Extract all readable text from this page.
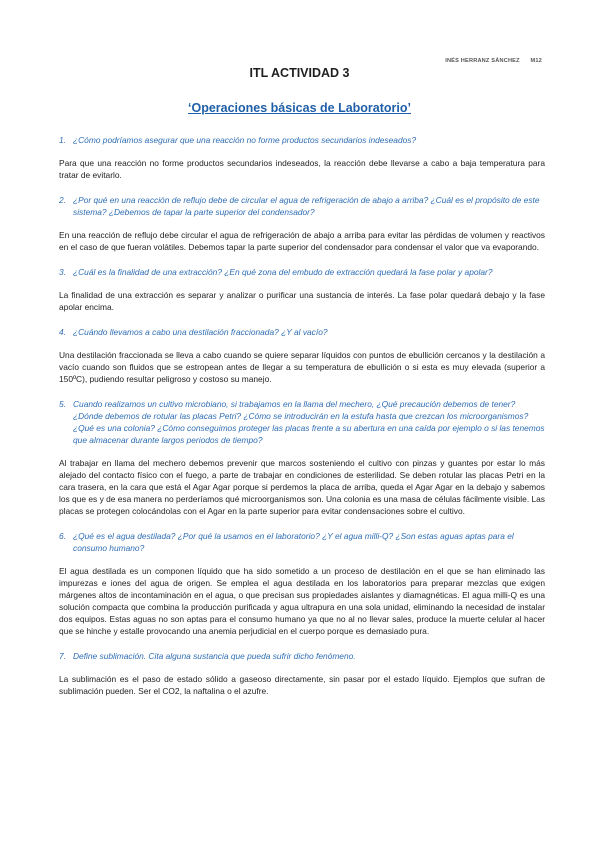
INÉS HERRANZ SÁNCHEZ M12
ITL ACTIVIDAD 3
‘Operaciones básicas de Laboratorio’
1. ¿Cómo podríamos asegurar que una reacción no forme productos secundarios indeseados?

Para que una reacción no forme productos secundarios indeseados, la reacción debe llevarse a cabo a baja temperatura para tratar de evitarlo.

2. ¿Por qué en una reacción de reflujo debe de circular el agua de refrigeración de abajo a arriba? ¿Cuál es el propósito de este sistema? ¿Debemos de tapar la parte superior del condensador?

En una reacción de reflujo debe circular el agua de refrigeración de abajo a arriba para evitar las pérdidas de volumen y reactivos en el caso de que fueran volátiles. Debemos tapar la parte superior del condensador para condensar el valor que va evaporando.

3. ¿Cuál es la finalidad de una extracción? ¿En qué zona del embudo de extracción quedará la fase polar y apolar?

La finalidad de una extracción es separar y analizar o purificar una sustancia de interés. La fase polar quedará debajo y la fase apolar encima.

4. ¿Cuándo llevamos a cabo una destilación fraccionada? ¿Y al vacío?

Una destilación fraccionada se lleva a cabo cuando se quiere separar líquidos con puntos de ebullición cercanos y la destilación a vacío cuando son fluidos que se estropean antes de llegar a su temperatura de ebullición o si esta es muy elevada (superior a 150ºC), pudiendo resultar peligroso y costoso su manejo.

5. Cuando realizamos un cultivo microbiano, si trabajamos en la llama del mechero, ¿Qué precaución debemos de tener? ¿Dónde debemos de rotular las placas Petri? ¿Cómo se introducirán en la estufa hasta que crezcan los microorganismos? ¿Qué es una colonia? ¿Cómo conseguimos proteger las placas frente a su abertura en una caída por ejemplo o si las tenemos que almacenar durante largos periodos de tiempo?

Al trabajar en llama del mechero debemos prevenir que marcos sosteniendo el cultivo con pinzas y guantes por estar lo más alejado del contacto físico con el fuego, a parte de trabajar en condiciones de esterilidad. Se deben rotular las placas Petri en la cara trasera, en la cara que está el Agar Agar porque si perdemos la placa de arriba, queda el Agar Agar en la debajo y sabemos los que es y de esa manera no perderíamos qué microorganismos son. Una colonia es una masa de células fácilmente visible. Las placas se protegen colocándolas con el Agar en la parte superior para evitar condensaciones sobre el cultivo.

6. ¿Qué es el agua destilada? ¿Por qué la usamos en el laboratorio? ¿Y el agua milli-Q? ¿Son estas aguas aptas para el consumo humano?

El agua destilada es un componen líquido que ha sido sometido a un proceso de destilación en el que se han eliminado las impurezas e iones del agua de origen. Se emplea el agua destilada en los laboratorios para preparar mezclas que exigen márgenes altos de incontaminación en el agua, o que precisan sus propiedades aislantes y diamagnéticas. El agua milli-Q es una solución compacta que combina la producción purificada y agua ultrapura en una sola unidad, eliminando la necesidad de instalar dos equipos. Estas aguas no son aptas para el consumo humano ya que no al no llevar sales, produce la muerte celular al hacer que se hinche y estalle provocando una anemia perjudicial en el cuerpo porque es demasiado pura.

7. Define sublimación. Cita alguna sustancia que pueda sufrir dicho fenómeno.

La sublimación es el paso de estado sólido a gaseoso directamente, sin pasar por el estado líquido. Ejemplos que sufran de sublimación pueden. Ser el CO2, la naftalina o el azufre.
